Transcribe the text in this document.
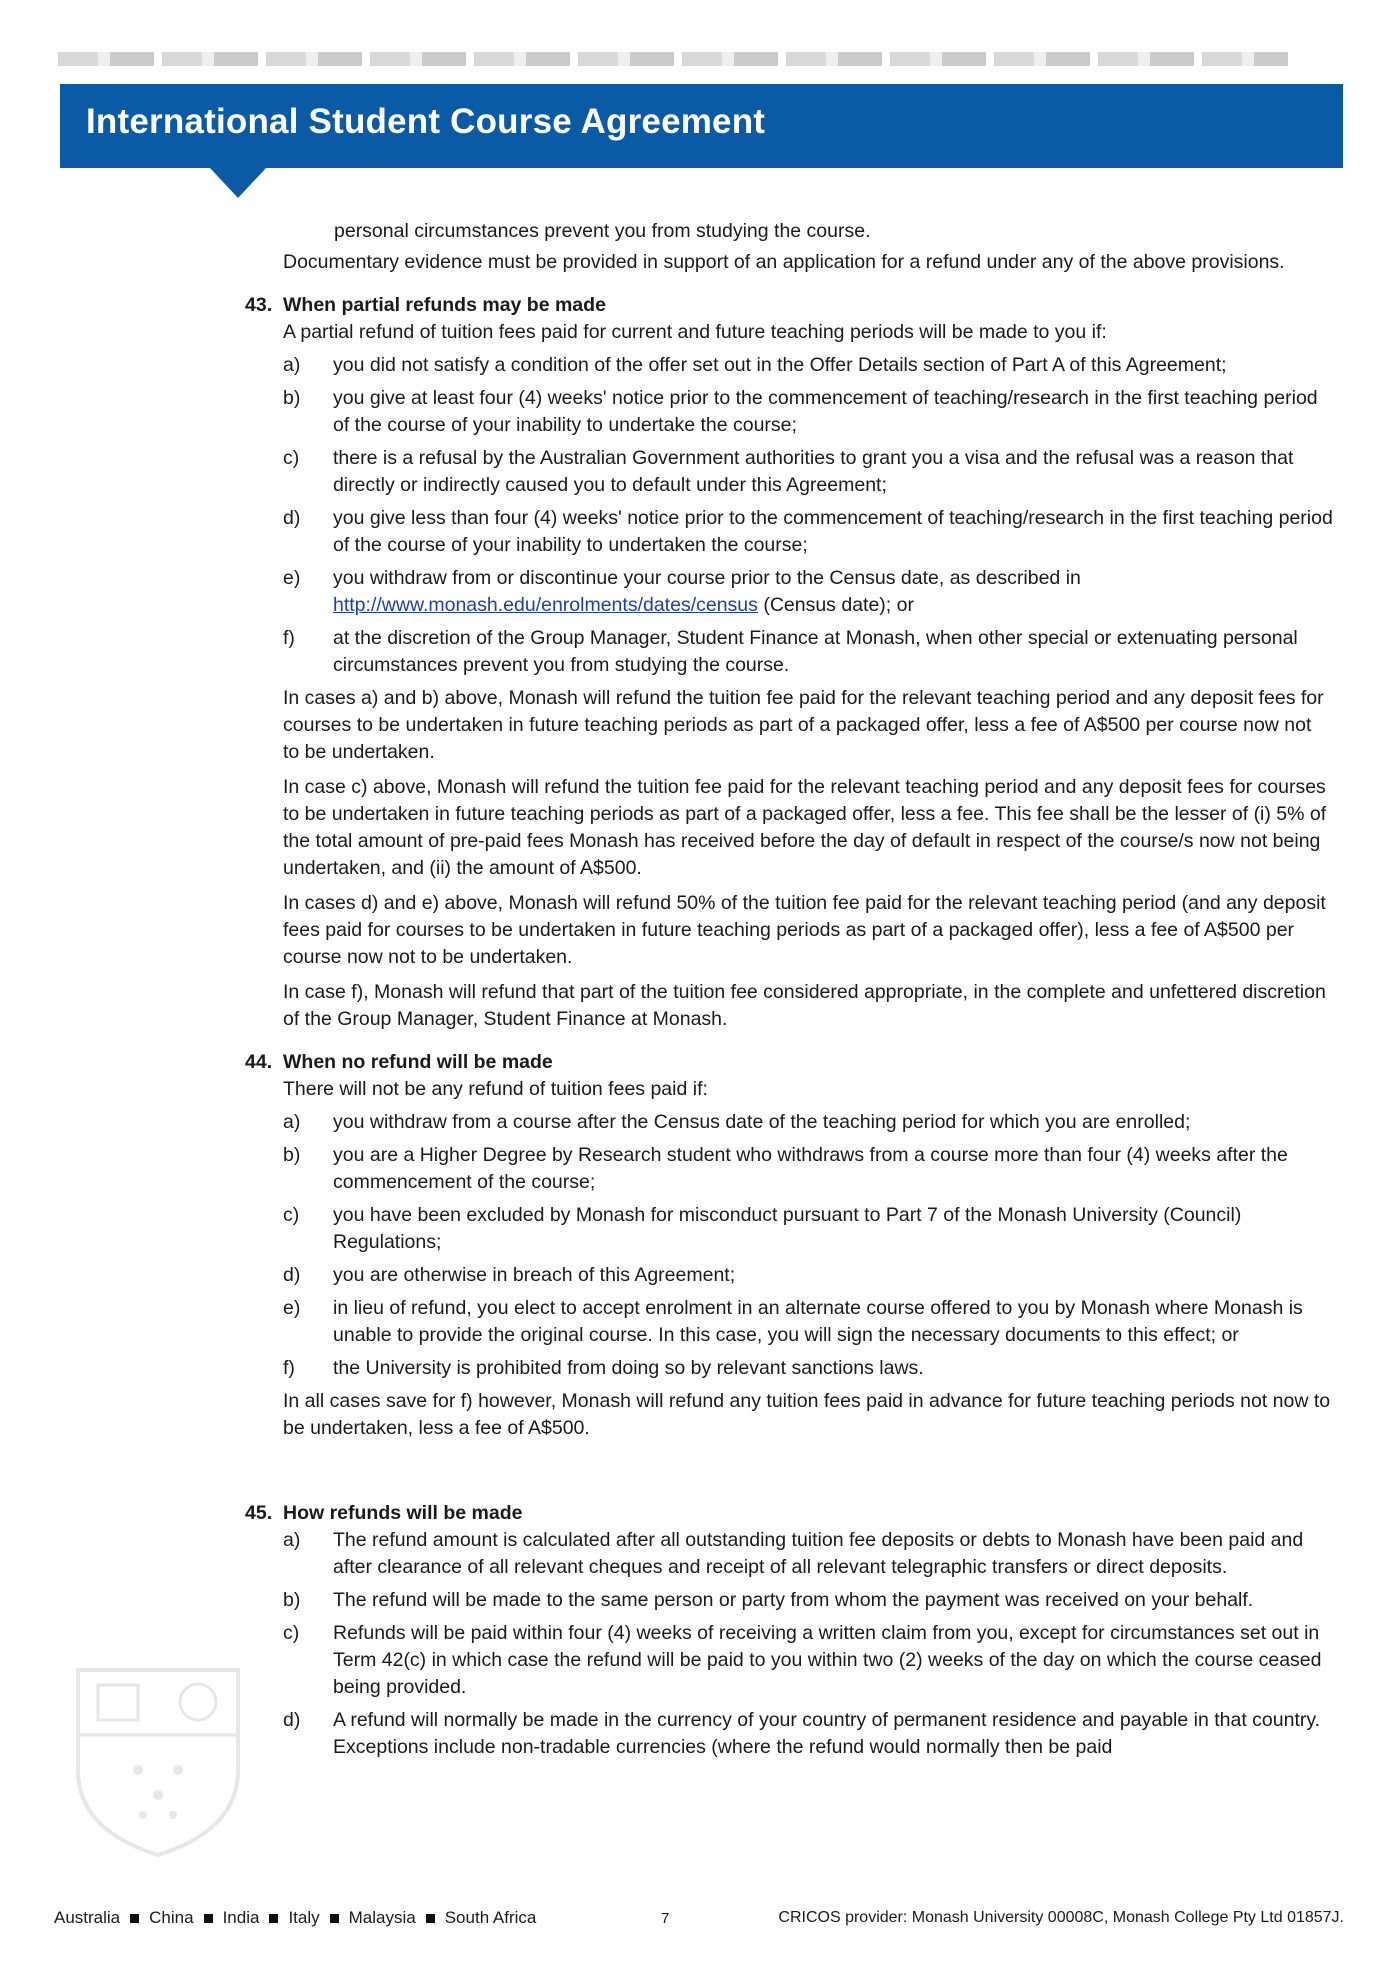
International Student Course Agreement
personal circumstances prevent you from studying the course.
Documentary evidence must be provided in support of an application for a refund under any of the above provisions.
43. When partial refunds may be made
A partial refund of tuition fees paid for current and future teaching periods will be made to you if:
a)	you did not satisfy a condition of the offer set out in the Offer Details section of Part A of this Agreement;
b)	you give at least four (4) weeks' notice prior to the commencement of teaching/research in the first teaching period of the course of your inability to undertake the course;
c)	there is a refusal by the Australian Government authorities to grant you a visa and the refusal was a reason that directly or indirectly caused you to default under this Agreement;
d)	you give less than four (4) weeks' notice prior to the commencement of teaching/research in the first teaching period of the course of your inability to undertaken the course;
e)	you withdraw from or discontinue your course prior to the Census date, as described in http://www.monash.edu/enrolments/dates/census (Census date); or
f)	at the discretion of the Group Manager, Student Finance at Monash, when other special or extenuating personal circumstances prevent you from studying the course.
In cases a) and b) above, Monash will refund the tuition fee paid for the relevant teaching period and any deposit fees for courses to be undertaken in future teaching periods as part of a packaged offer, less a fee of A$500 per course now not to be undertaken.
In case c) above, Monash will refund the tuition fee paid for the relevant teaching period and any deposit fees for courses to be undertaken in future teaching periods as part of a packaged offer, less a fee. This fee shall be the lesser of (i) 5% of the total amount of pre-paid fees Monash has received before the day of default in respect of the course/s now not being undertaken, and (ii) the amount of A$500.
In cases d) and e) above, Monash will refund 50% of the tuition fee paid for the relevant teaching period (and any deposit fees paid for courses to be undertaken in future teaching periods as part of a packaged offer), less a fee of A$500 per course now not to be undertaken.
In case f), Monash will refund that part of the tuition fee considered appropriate, in the complete and unfettered discretion of the Group Manager, Student Finance at Monash.
44. When no refund will be made
There will not be any refund of tuition fees paid if:
a)	you withdraw from a course after the Census date of the teaching period for which you are enrolled;
b)	you are a Higher Degree by Research student who withdraws from a course more than four (4) weeks after the commencement of the course;
c)	you have been excluded by Monash for misconduct pursuant to Part 7 of the Monash University (Council) Regulations;
d)	you are otherwise in breach of this Agreement;
e)	in lieu of refund, you elect to accept enrolment in an alternate course offered to you by Monash where Monash is unable to provide the original course. In this case, you will sign the necessary documents to this effect; or
f)	the University is prohibited from doing so by relevant sanctions laws.
In all cases save for f) however, Monash will refund any tuition fees paid in advance for future teaching periods not now to be undertaken, less a fee of A$500.
45. How refunds will be made
a)	The refund amount is calculated after all outstanding tuition fee deposits or debts to Monash have been paid and after clearance of all relevant cheques and receipt of all relevant telegraphic transfers or direct deposits.
b)	The refund will be made to the same person or party from whom the payment was received on your behalf.
c)	Refunds will be paid within four (4) weeks of receiving a written claim from you, except for circumstances set out in Term 42(c) in which case the refund will be paid to you within two (2) weeks of the day on which the course ceased being provided.
d)	A refund will normally be made in the currency of your country of permanent residence and payable in that country. Exceptions include non-tradable currencies (where the refund would normally then be paid
Australia China India Italy Malaysia South Africa	7	CRICOS provider: Monash University 00008C, Monash College Pty Ltd 01857J.
